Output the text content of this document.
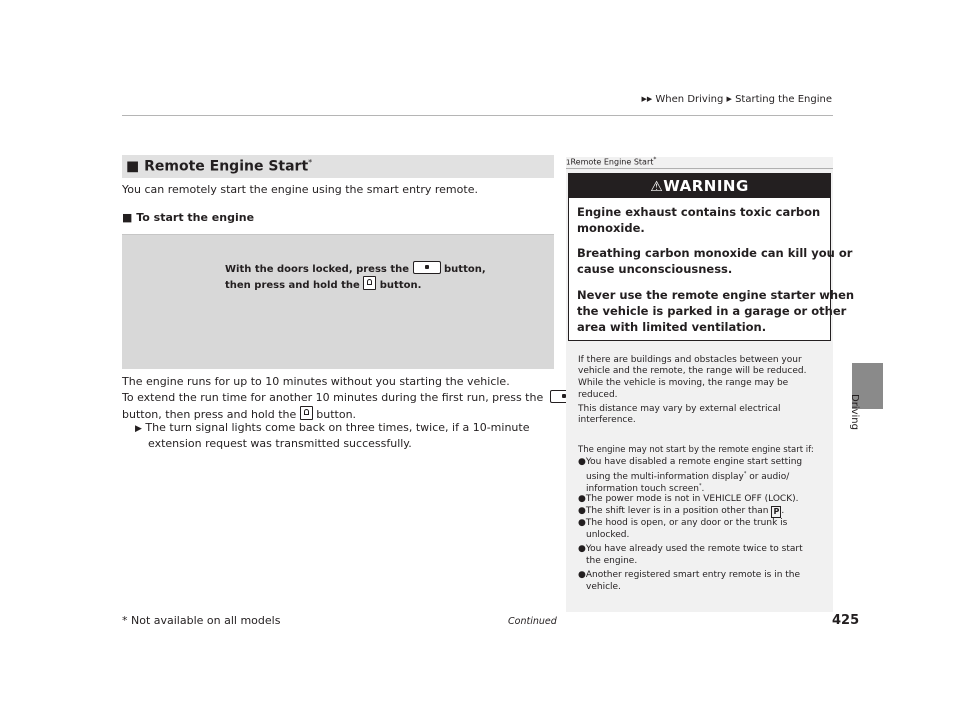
▶▶ When Driving ▶ Starting the Engine
Driving
■ Remote Engine Start*
You can remotely start the engine using the smart entry remote.
■ To start the engine
With the doors locked, press the	button,
then press and hold the button.
The engine runs for up to 10 minutes without you starting the vehicle.
To extend the run time for another 10 minutes during the first run, press the
button, then press and hold the button.
▶ The turn signal lights come back on three times, twice, if a 10-minute
extension request was transmitted successfully.
1Remote Engine Start*
⚠WARNING
Engine exhaust contains toxic carbon
monoxide.
Breathing carbon monoxide can kill you or
cause unconsciousness.
Never use the remote engine starter when
the vehicle is parked in a garage or other
area with limited ventilation.
If there are buildings and obstacles between your
vehicle and the remote, the range will be reduced.
While the vehicle is moving, the range may be
reduced.
This distance may vary by external electrical
interference.
The engine may not start by the remote engine start if:
●You have disabled a remote engine start setting
using the multi-information display* or audio/
information touch screen*.
●The power mode is not in VEHICLE OFF (LOCK).
●The shift lever is in a position other than P .
●The hood is open, or any door or the trunk is
unlocked.
●You have already used the remote twice to start
the engine.
●Another registered smart entry remote is in the
vehicle.
* Not available on all models	Continued	425
